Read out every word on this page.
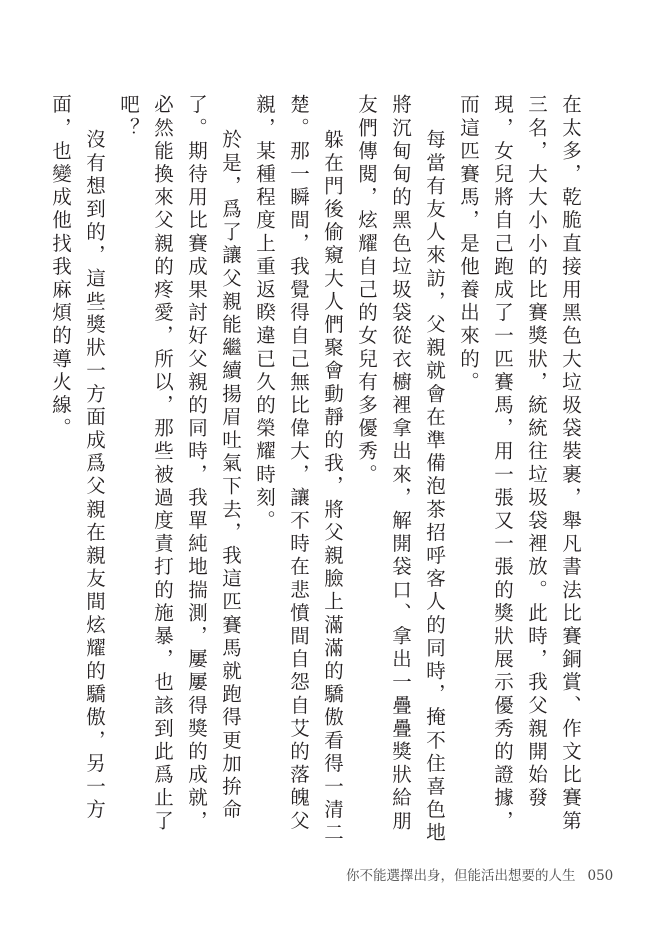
在太多，乾脆直接用黑色大垃圾袋裝裹，舉凡書法比賽銅賞、作文比賽第三名，大大小小的比賽獎狀，統統往垃圾袋裡放。此時，我父親開始發現，女兒將自己跑成了一匹賽馬，用一張又一張的獎狀展示優秀的證據，而這匹賽馬，是他養出來的。

每當有友人來訪，父親就會在準備泡茶招呼客人的同時，掩不住喜色地將沉甸甸的黑色垃圾袋從衣櫥裡拿出來，解開袋口、拿出一疊疊獎狀給朋友們傳閱，炫耀自己的女兒有多優秀。

躲在門後偷窺大人們聚會動靜的我，將父親臉上滿滿的驕傲看得一清二楚。那一瞬間，我覺得自己無比偉大，讓不時在悲憤間自怨自艾的落魄父親，某種程度上重返睽違已久的榮耀時刻。

於是，爲了讓父親能繼續揚眉吐氣下去，我這匹賽馬就跑得更加拚命了。期待用比賽成果討好父親的同時，我單純地揣測，屢屢得獎的成就，必然能換來父親的疼愛，所以，那些被過度責打的施暴，也該到此爲止了吧？

沒有想到的，這些獎狀一方面成爲父親在親友間炫耀的驕傲，另一方面，也變成他找我麻煩的導火線。

你不能選擇出身，但能活出想要的人生 050
